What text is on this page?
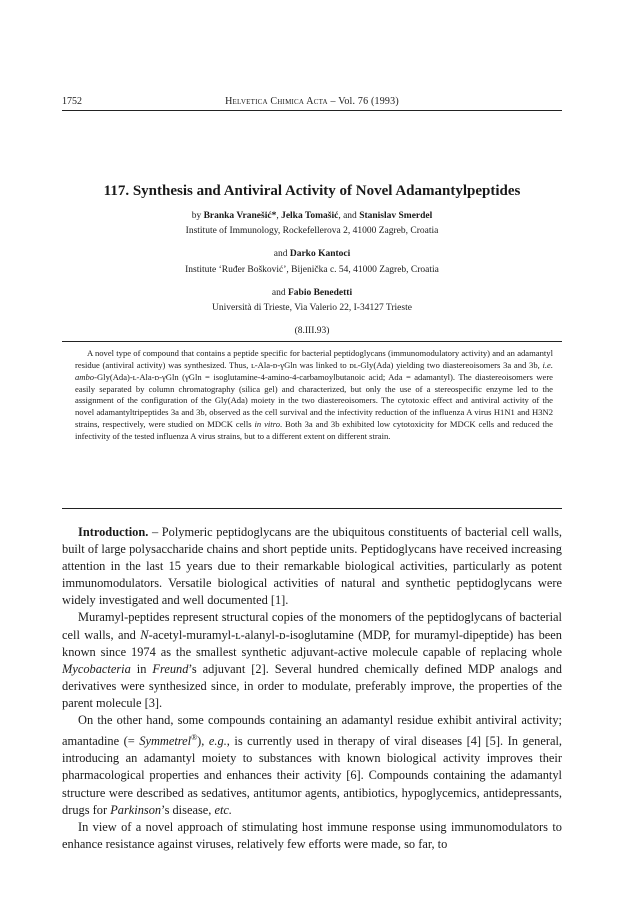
1752	Helvetica Chimica Acta – Vol. 76 (1993)
117. Synthesis and Antiviral Activity of Novel Adamantylpeptides
by Branka Vranešić*, Jelka Tomašić, and Stanislav Smerdel
Institute of Immunology, Rockefellerova 2, 41000 Zagreb, Croatia
and Darko Kantoci
Institute ‘Ruđer Bošković’, Bijenička c. 54, 41000 Zagreb, Croatia
and Fabio Benedetti
Università di Trieste, Via Valerio 22, I-34127 Trieste
(8.III.93)
A novel type of compound that contains a peptide specific for bacterial peptidoglycans (immunomodulatory activity) and an adamantyl residue (antiviral activity) was synthesized. Thus, ʟ-Ala-ᴅ-γGln was linked to ᴅʟ-Gly(Ada) yielding two diastereoisomers 3a and 3b, i.e. ambo-Gly(Ada)-ʟ-Ala-ᴅ-γGln (γGln = isoglutamine-4-amino-4-carbamoylbutanoic acid; Ada = adamantyl). The diastereoisomers were easily separated by column chromatography (silica gel) and characterized, but only the use of a stereospecific enzyme led to the assignment of the configuration of the Gly(Ada) moiety in the two diastereoisomers. The cytotoxic effect and antiviral activity of the novel adamantyltripeptides 3a and 3b, observed as the cell survival and the infectivity reduction of the influenza A virus H1N1 and H3N2 strains, respectively, were studied on MDCK cells in vitro. Both 3a and 3b exhibited low cytotoxicity for MDCK cells and reduced the infectivity of the tested influenza A virus strains, but to a different extent on different strain.

Introduction. – Polymeric peptidoglycans are the ubiquitous constituents of bacterial cell walls, built of large polysaccharide chains and short peptide units. Peptidoglycans have received increasing attention in the last 15 years due to their remarkable biological activities, particularly as potent immunomodulators. Versatile biological activities of natural and synthetic peptidoglycans were widely investigated and well documented [1].

Muramyl-peptides represent structural copies of the monomers of the peptidoglycans of bacterial cell walls, and N-acetyl-muramyl-ʟ-alanyl-ᴅ-isoglutamine (MDP, for muramyl-dipeptide) has been known since 1974 as the smallest synthetic adjuvant-active molecule capable of replacing whole Mycobacteria in Freund’s adjuvant [2]. Several hundred chemically defined MDP analogs and derivatives were synthesized since, in order to modulate, preferably improve, the properties of the parent molecule [3].

On the other hand, some compounds containing an adamantyl residue exhibit antiviral activity; amantadine (= Symmetrel®), e.g., is currently used in therapy of viral diseases [4] [5]. In general, introducing an adamantyl moiety to substances with known biological activity improves their pharmacological properties and enhances their activity [6]. Compounds containing the adamantyl structure were described as sedatives, antitumor agents, antibiotics, hypoglycemics, antidepressants, drugs for Parkinson’s disease, etc.

In view of a novel approach of stimulating host immune response using immunomodulators to enhance resistance against viruses, relatively few efforts were made, so far, to
